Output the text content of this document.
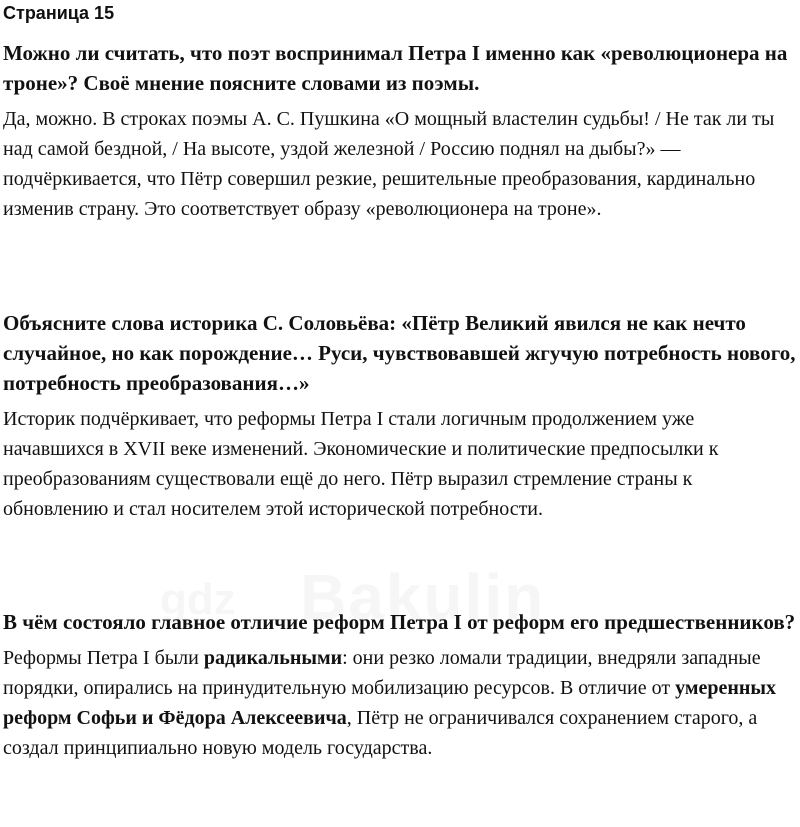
Страница 15

Можно ли считать, что поэт воспринимал Петра I именно как «революционера на троне»? Своё мнение поясните словами из поэмы.

Да, можно. В строках поэмы А. С. Пушкина «О мощный властелин судьбы! / Не так ли ты над самой бездной, / На высоте, уздой железной / Россию поднял на дыбы?» — подчёркивается, что Пётр совершил резкие, решительные преобразования, кардинально изменив страну. Это соответствует образу «революционера на троне».

Объясните слова историка С. Соловьёва: «Пётр Великий явился не как нечто случайное, но как порождение… Руси, чувствовавшей жгучую потребность нового, потребность преобразования…»

Историк подчёркивает, что реформы Петра I стали логичным продолжением уже начавшихся в XVII веке изменений. Экономические и политические предпосылки к преобразованиям существовали ещё до него. Пётр выразил стремление страны к обновлению и стал носителем этой исторической потребности.

В чём состояло главное отличие реформ Петра I от реформ его предшественников?

Реформы Петра I были радикальными: они резко ломали традиции, внедряли западные порядки, опирались на принудительную мобилизацию ресурсов. В отличие от умеренных реформ Софьи и Фёдора Алексеевича, Пётр не ограничивался сохранением старого, а создал принципиально новую модель государства.
